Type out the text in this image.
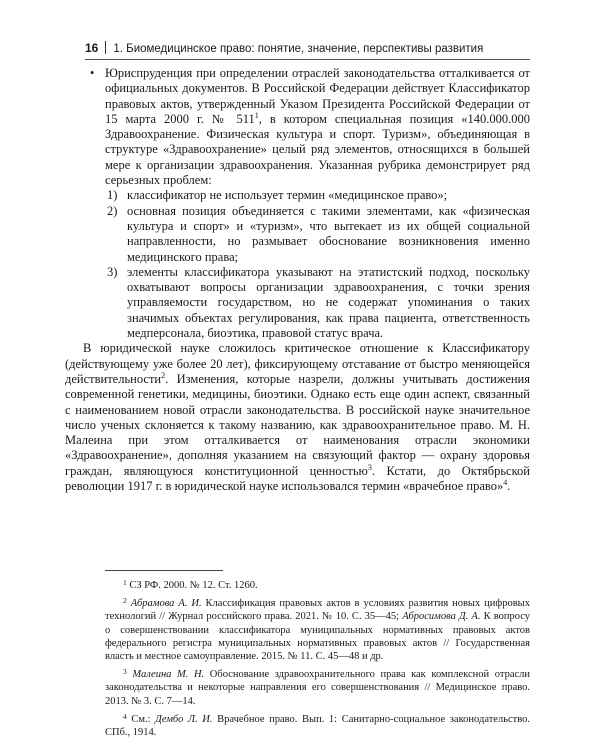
16 1. Биомедицинское право: понятие, значение, перспективы развития
• Юриспруденция при определении отраслей законодательства отталкивается от официальных документов. В Российской Федерации действует Классификатор правовых актов, утвержденный Указом Президента Российской Федерации от 15 марта 2000 г. № $511^1$, в котором специальная позиция «140.000.000 Здравоохранение. Физическая культура и спорт. Туризм», объединяющая в структуре «Здравоохранение» целый ряд элементов, относящихся в большей мере к организации здравоохранения. Указанная рубрика демонстрирует ряд серьезных проблем:

1) классификатор не использует термин «медицинское право»;

2) основная позиция объединяется с такими элементами, как «физическая культура и спорт» и «туризм», что вытекает из их общей социальной направленности, но размывает обоснование возникновения именно медицинского права;

3) элементы классификатора указывают на этатистский подход, поскольку охватывают вопросы организации здравоохранения, с точки зрения управляемости государством, но не содержат упоминания о таких значимых объектах регулирования, как права пациента, ответственность медперсонала, биоэтика, правовой статус врача.

В юридической науке сложилось критическое отношение к Классификатору (действующему уже более 20 лет), фиксирующему отставание от быстро меняющейся действительности$^2$. Изменения, которые назрели, должны учитывать достижения современной генетики, медицины, биоэтики. Однако есть еще один аспект, связанный с наименованием новой отрасли законодательства. В российской науке значительное число ученых склоняется к такому названию, как здравоохранительное право. М. Н. Малеина при этом отталкивается от наименования отрасли экономики «Здравоохранение», дополняя указанием на связующий фактор — охрану здоровья граждан, являющуюся конституционной ценностью$^3$. Кстати, до Октябрьской революции 1917 г. в юридической науке использовался термин «врачебное право»$^4$.

$^1$ СЗ РФ. 2000. № 12. Ст. 1260.

$^2$ Абрамова А. И. Классификация правовых актов в условиях развития новых цифровых технологий // Журнал российского права. 2021. № 10. С. 35—45; Абросимова Д. А. К вопросу о совершенствовании классификатора муниципальных нормативных правовых актов федерального регистра муниципальных нормативных правовых актов // Государственная власть и местное самоуправление. 2015. № 11. С. 45—48 и др.

$^3$ Малеина М. Н. Обоснование здравоохранительного права как комплексной отрасли законодательства и некоторые направления его совершенствования // Медицинское право. 2013. № 3. С. 7—14.

$^4$ См.: Дембо Л. И. Врачебное право. Вып. 1: Санитарно-социальное законодательство. СПб., 1914.
